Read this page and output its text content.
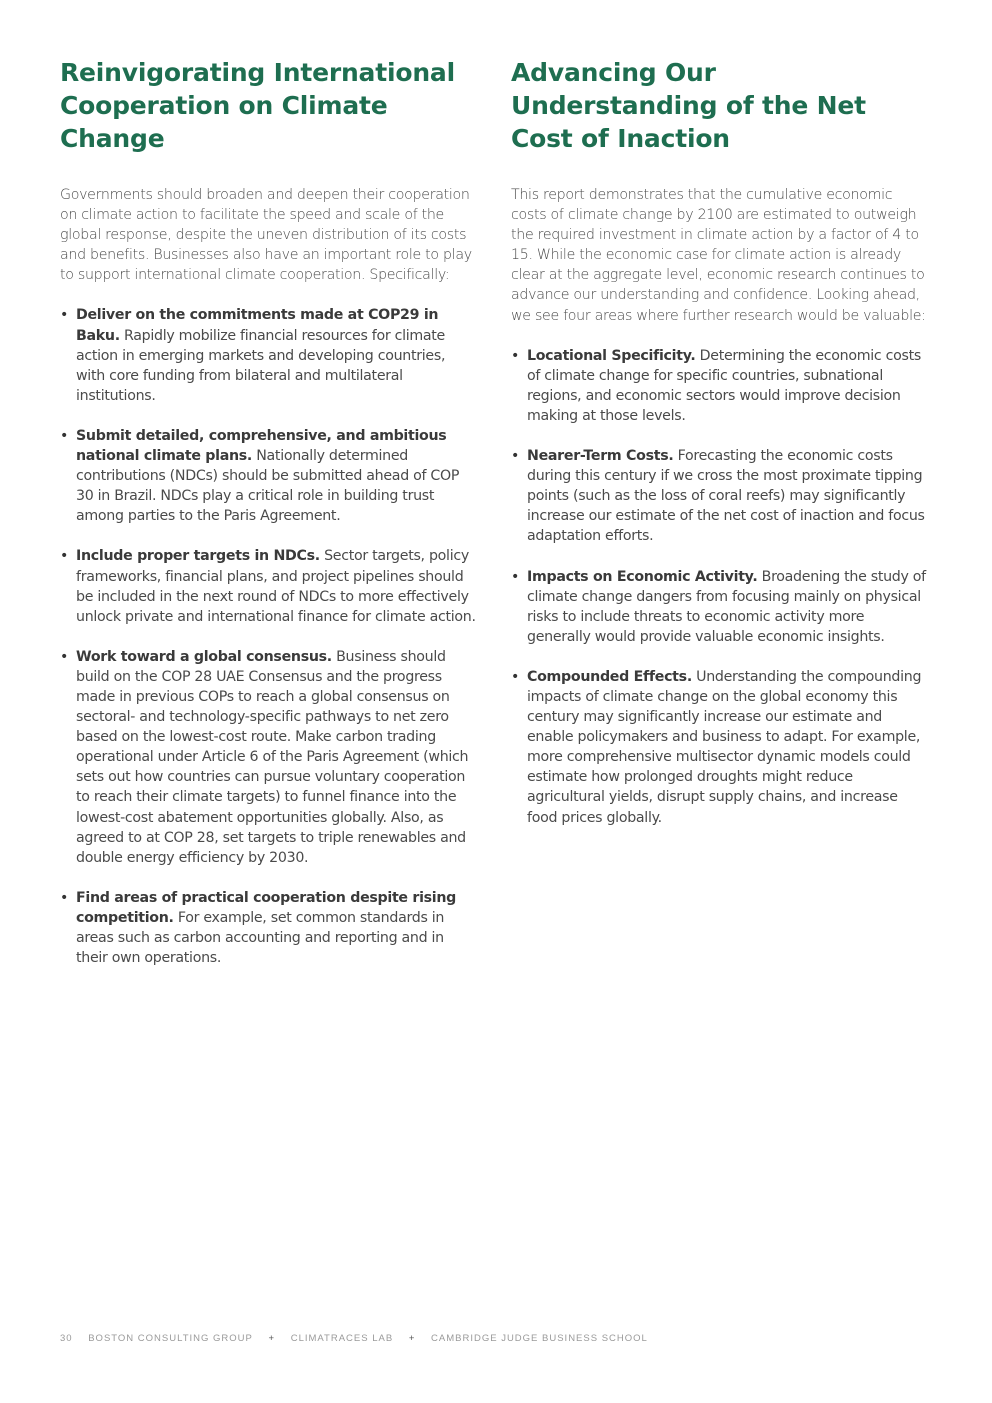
Reinvigorating International Cooperation on Climate Change

Governments should broaden and deepen their cooperation on climate action to facilitate the speed and scale of the global response, despite the uneven distribution of its costs and benefits. Businesses also have an important role to play to support international climate cooperation. Specifically:

• Deliver on the commitments made at COP29 in Baku. Rapidly mobilize financial resources for climate action in emerging markets and developing countries, with core funding from bilateral and multilateral institutions.
• Submit detailed, comprehensive, and ambitious national climate plans. Nationally determined contributions (NDCs) should be submitted ahead of COP 30 in Brazil. NDCs play a critical role in building trust among parties to the Paris Agreement.
• Include proper targets in NDCs. Sector targets, policy frameworks, financial plans, and project pipelines should be included in the next round of NDCs to more effectively unlock private and international finance for climate action.
• Work toward a global consensus. Business should build on the COP 28 UAE Consensus and the progress made in previous COPs to reach a global consensus on sectoral- and technology-specific pathways to net zero based on the lowest-cost route. Make carbon trading operational under Article 6 of the Paris Agreement (which sets out how countries can pursue voluntary cooperation to reach their climate targets) to funnel finance into the lowest-cost abatement opportunities globally. Also, as agreed to at COP 28, set targets to triple renewables and double energy efficiency by 2030.
• Find areas of practical cooperation despite rising competition. For example, set common standards in areas such as carbon accounting and reporting and in their own operations.
Advancing Our Understanding of the Net Cost of Inaction

This report demonstrates that the cumulative economic costs of climate change by 2100 are estimated to outweigh the required investment in climate action by a factor of 4 to 15. While the economic case for climate action is already clear at the aggregate level, economic research continues to advance our understanding and confidence. Looking ahead, we see four areas where further research would be valuable:

• Locational Specificity. Determining the economic costs of climate change for specific countries, subnational regions, and economic sectors would improve decision making at those levels.
• Nearer-Term Costs. Forecasting the economic costs during this century if we cross the most proximate tipping points (such as the loss of coral reefs) may significantly increase our estimate of the net cost of inaction and focus adaptation efforts.
• Impacts on Economic Activity. Broadening the study of climate change dangers from focusing mainly on physical risks to include threats to economic activity more generally would provide valuable economic insights.
• Compounded Effects. Understanding the compounding impacts of climate change on the global economy this century may significantly increase our estimate and enable policymakers and business to adapt. For example, more comprehensive multisector dynamic models could estimate how prolonged droughts might reduce agricultural yields, disrupt supply chains, and increase food prices globally.
30 BOSTON CONSULTING GROUP + CLIMATRACES LAB + CAMBRIDGE JUDGE BUSINESS SCHOOL
